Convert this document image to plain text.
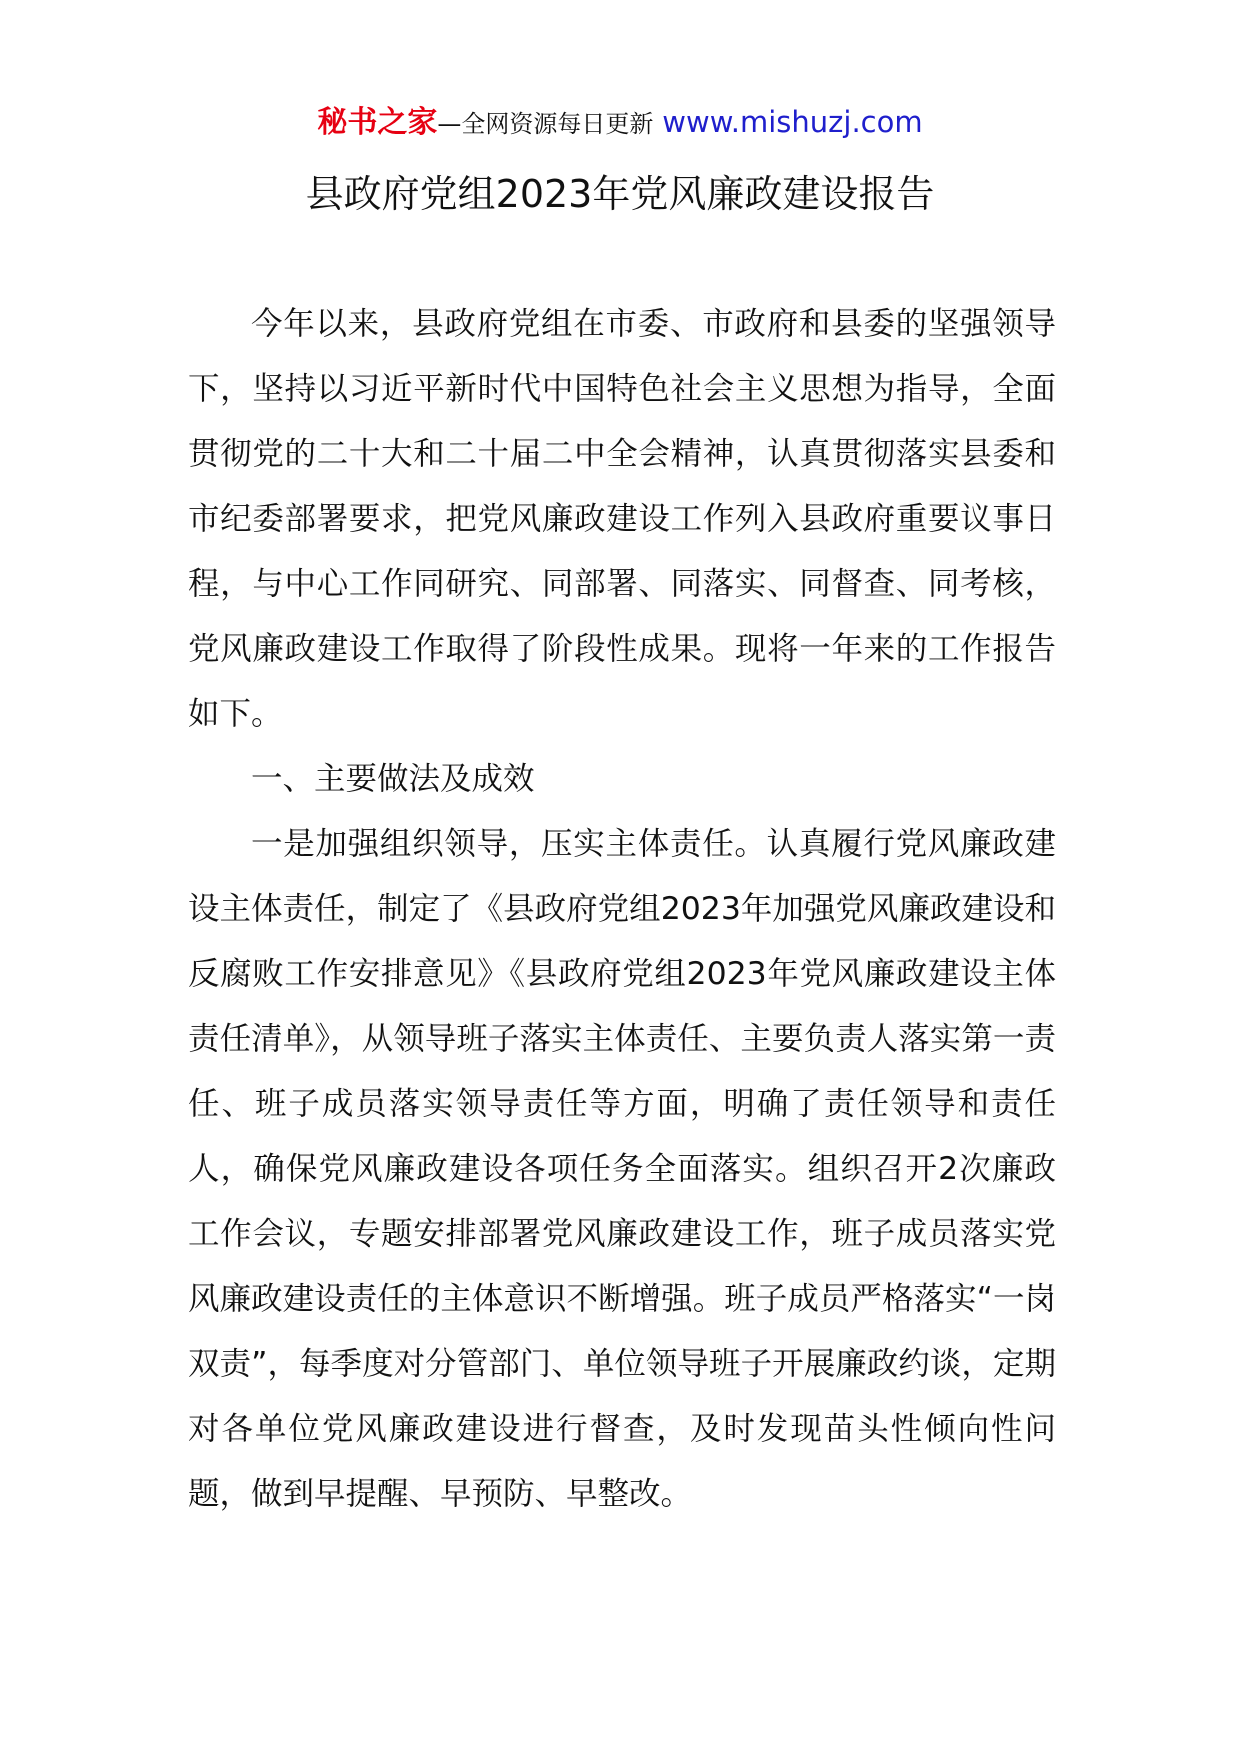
秘书之家—全网资源每日更新 www.mishuzj.com
县政府党组2023年党风廉政建设报告

今年以来，县政府党组在市委、市政府和县委的坚强领导下，坚持以习近平新时代中国特色社会主义思想为指导，全面贯彻党的二十大和二十届二中全会精神，认真贯彻落实县委和市纪委部署要求，把党风廉政建设工作列入县政府重要议事日程，与中心工作同研究、同部署、同落实、同督查、同考核，党风廉政建设工作取得了阶段性成果。现将一年来的工作报告如下。

一、主要做法及成效

一是加强组织领导，压实主体责任。认真履行党风廉政建设主体责任，制定了《县政府党组2023年加强党风廉政建设和反腐败工作安排意见》《县政府党组2023年党风廉政建设主体责任清单》，从领导班子落实主体责任、主要负责人落实第一责任、班子成员落实领导责任等方面，明确了责任领导和责任人，确保党风廉政建设各项任务全面落实。组织召开2次廉政工作会议，专题安排部署党风廉政建设工作，班子成员落实党风廉政建设责任的主体意识不断增强。班子成员严格落实“一岗双责”，每季度对分管部门、单位领导班子开展廉政约谈，定期对各单位党风廉政建设进行督查，及时发现苗头性倾向性问题，做到早提醒、早预防、早整改。
